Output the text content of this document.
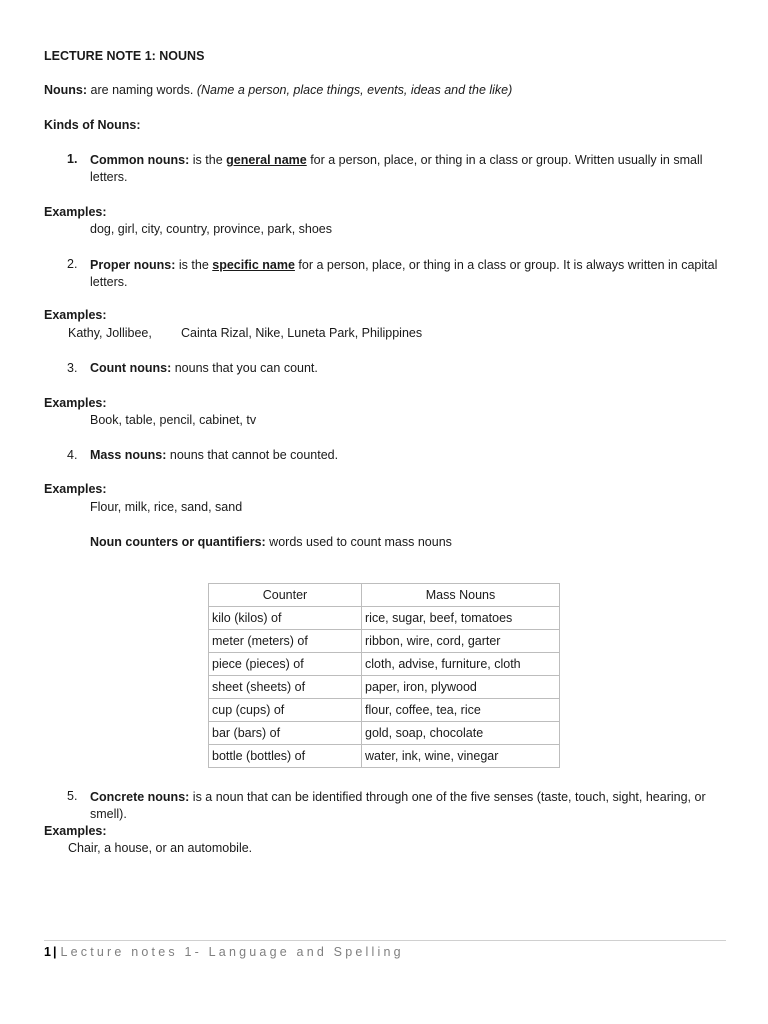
LECTURE NOTE 1: NOUNS
Nouns: are naming words. (Name a person, place things, events, ideas and the like)
Kinds of Nouns:
1. Common nouns: is the general name for a person, place, or thing in a class or group. Written usually in small letters.
Examples:
dog, girl, city, country, province, park, shoes
2. Proper nouns: is the specific name for a person, place, or thing in a class or group. It is always written in capital letters.
Examples:
Kathy, Jollibee, Cainta Rizal, Nike, Luneta Park, Philippines
3. Count nouns: nouns that you can count.
Examples:
Book, table, pencil, cabinet, tv
4. Mass nouns: nouns that cannot be counted.
Examples:
Flour, milk, rice, sand, sand
Noun counters or quantifiers: words used to count mass nouns
Counter	Mass Nouns
kilo (kilos) of	rice, sugar, beef, tomatoes
meter (meters) of	ribbon, wire, cord, garter
piece (pieces) of	cloth, advise, furniture, cloth
sheet (sheets) of	paper, iron, plywood
cup (cups) of	flour, coffee, tea, rice
bar (bars) of	gold, soap, chocolate
bottle (bottles) of	water, ink, wine, vinegar
5. Concrete nouns: is a noun that can be identified through one of the five senses (taste, touch, sight, hearing, or smell).
Examples:
Chair, a house, or an automobile.
1 | Lecture notes 1- Language and Spelling
